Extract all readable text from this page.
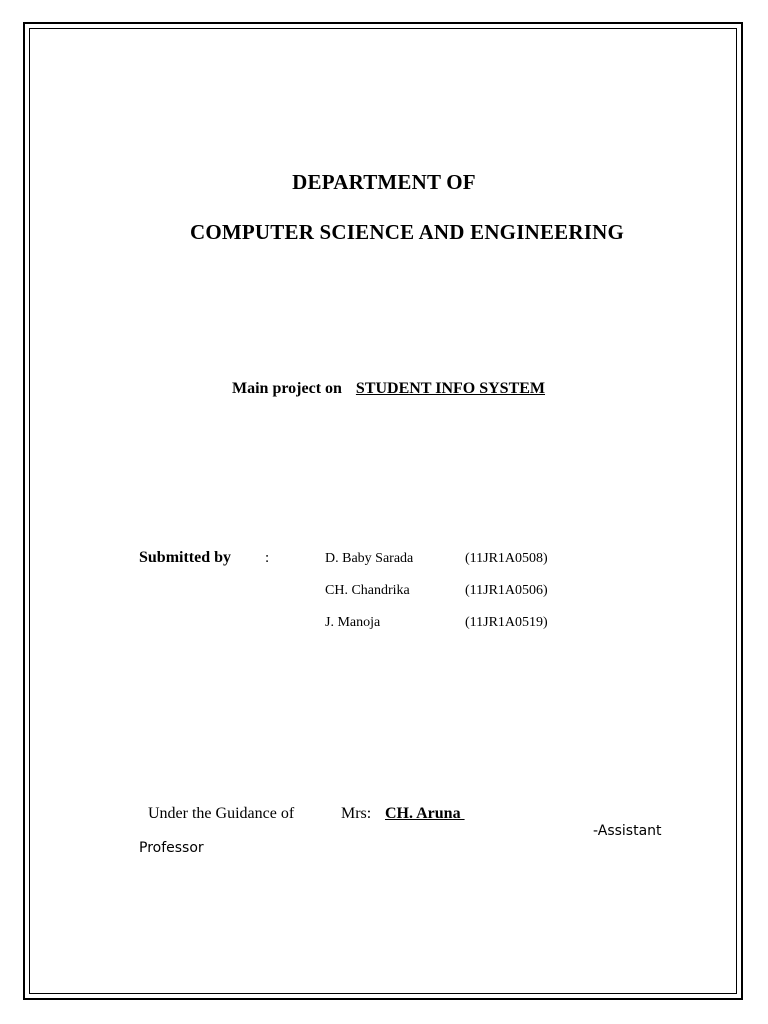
DEPARTMENT OF
COMPUTER SCIENCE AND ENGINEERING
Main project on STUDENT INFO SYSTEM
Submitted by :	D. Baby Sarada	(11JR1A0508)
CH. Chandrika	(11JR1A0506)
J. Manoja	(11JR1A0519)
Under the Guidance of	Mrs: CH. Aruna
-Assistant
Professor
